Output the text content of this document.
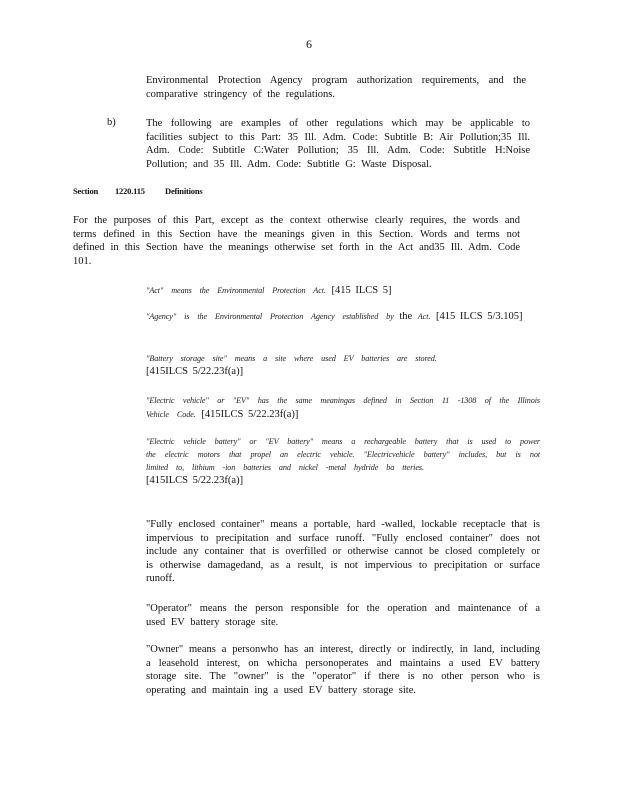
6
Environmental Protection Agency program authorization requirements, and the comparative stringency of the regulations.
b)	The following are examples of other regulations which may be applicable to facilities subject to this Part: 35 Ill. Adm. Code: Subtitle B: Air Pollution;35 Ill. Adm. Code: Subtitle C:Water Pollution; 35 Ill. Adm. Code: Subtitle H:Noise Pollution; and 35 Ill. Adm. Code: Subtitle G: Waste Disposal.
Section 1220.115 Definitions
For the purposes of this Part, except as the context otherwise clearly requires, the words and terms defined in this Section have the meanings given in this Section. Words and terms not defined in this Section have the meanings otherwise set forth in the Act and35 Ill. Adm. Code 101.
"Act" means the Environmental Protection Act. [415 ILCS 5]
"Agency" is the Environmental Protection Agency established by the Act. [415 ILCS 5/3.105]
"Battery storage site" means a site where used EV batteries are stored.
[415ILCS 5/22.23f(a)]
"Electric vehicle" or "EV" has the same meaningas defined in Section 11 -1308 of the Illinois Vehicle Code. [415ILCS 5/22.23f(a)]
"Electric vehicle battery" or "EV battery" means a rechargeable battery that is used to power the electric motors that propel an electric vehicle. "Electricvehicle battery" includes, but is not limited to, lithium -ion batteries and nickel -metal hydride ba tteries.
[415ILCS 5/22.23f(a)]
"Fully enclosed container" means a portable, hard -walled, lockable receptacle that is impervious to precipitation and surface runoff. "Fully enclosed container" does not include any container that is overfilled or otherwise cannot be closed completely or is otherwise damagedand, as a result, is not impervious to precipitation or surface runoff.
"Operator" means the person responsible for the operation and maintenance of a used EV battery storage site.
"Owner" means a personwho has an interest, directly or indirectly, in land, including a leasehold interest, on whicha personoperates and maintains a used EV battery storage site. The "owner" is the "operator" if there is no other person who is operating and maintain ing a used EV battery storage site.
